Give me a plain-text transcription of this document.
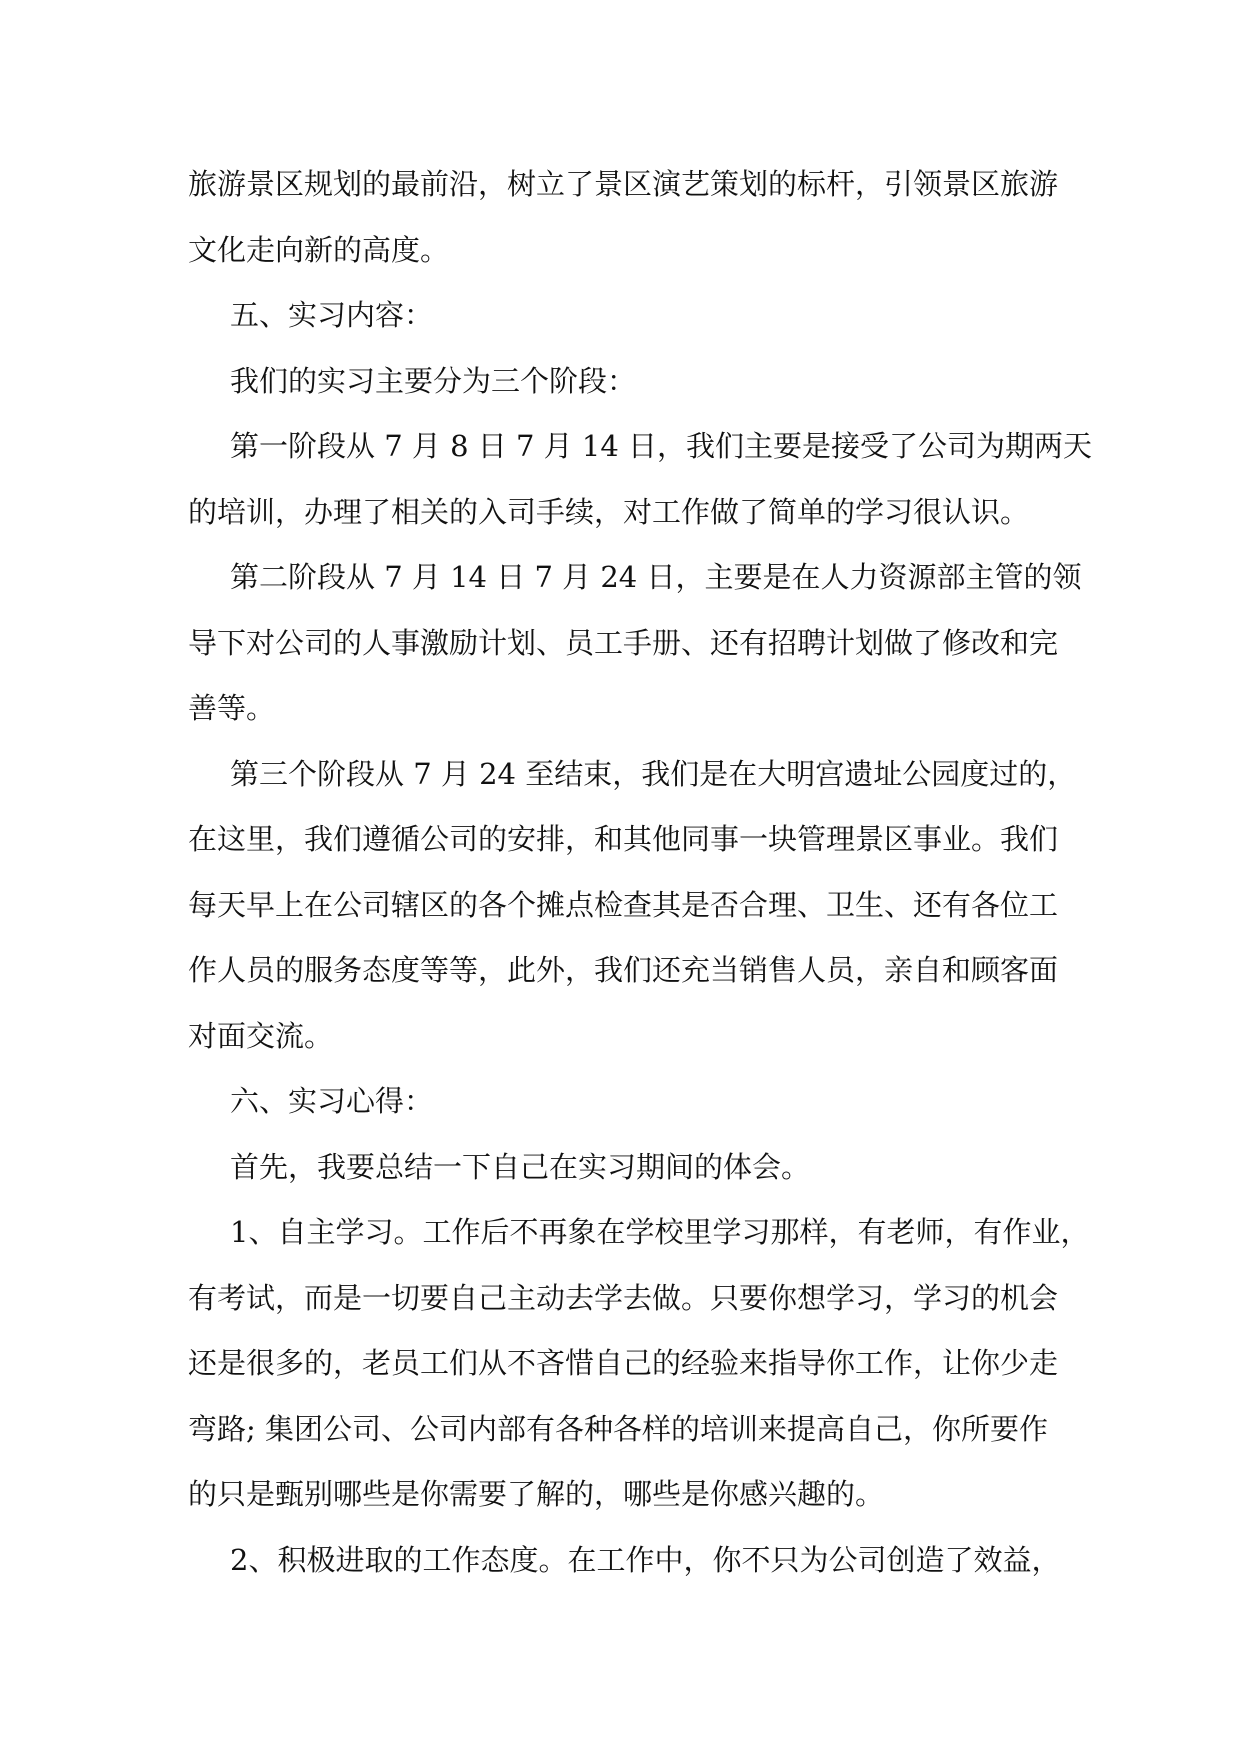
旅游景区规划的最前沿，树立了景区演艺策划的标杆，引领景区旅游

文化走向新的高度。

五、实习内容：

我们的实习主要分为三个阶段：

第一阶段从 7 月 8 日 7 月 14 日，我们主要是接受了公司为期两天

的培训，办理了相关的入司手续，对工作做了简单的学习很认识。

第二阶段从 7 月 14 日 7 月 24 日，主要是在人力资源部主管的领

导下对公司的人事激励计划、员工手册、还有招聘计划做了修改和完

善等。

第三个阶段从 7 月 24 至结束，我们是在大明宫遗址公园度过的，

在这里，我们遵循公司的安排，和其他同事一块管理景区事业。我们

每天早上在公司辖区的各个摊点检查其是否合理、卫生、还有各位工

作人员的服务态度等等，此外，我们还充当销售人员，亲自和顾客面

对面交流。

六、实习心得：

首先，我要总结一下自己在实习期间的体会。

1、自主学习。工作后不再象在学校里学习那样，有老师，有作业，

有考试，而是一切要自己主动去学去做。只要你想学习，学习的机会

还是很多的，老员工们从不吝惜自己的经验来指导你工作，让你少走

弯路; 集团公司、公司内部有各种各样的培训来提高自己，你所要作

的只是甄别哪些是你需要了解的，哪些是你感兴趣的。

2、积极进取的工作态度。在工作中，你不只为公司创造了效益，
